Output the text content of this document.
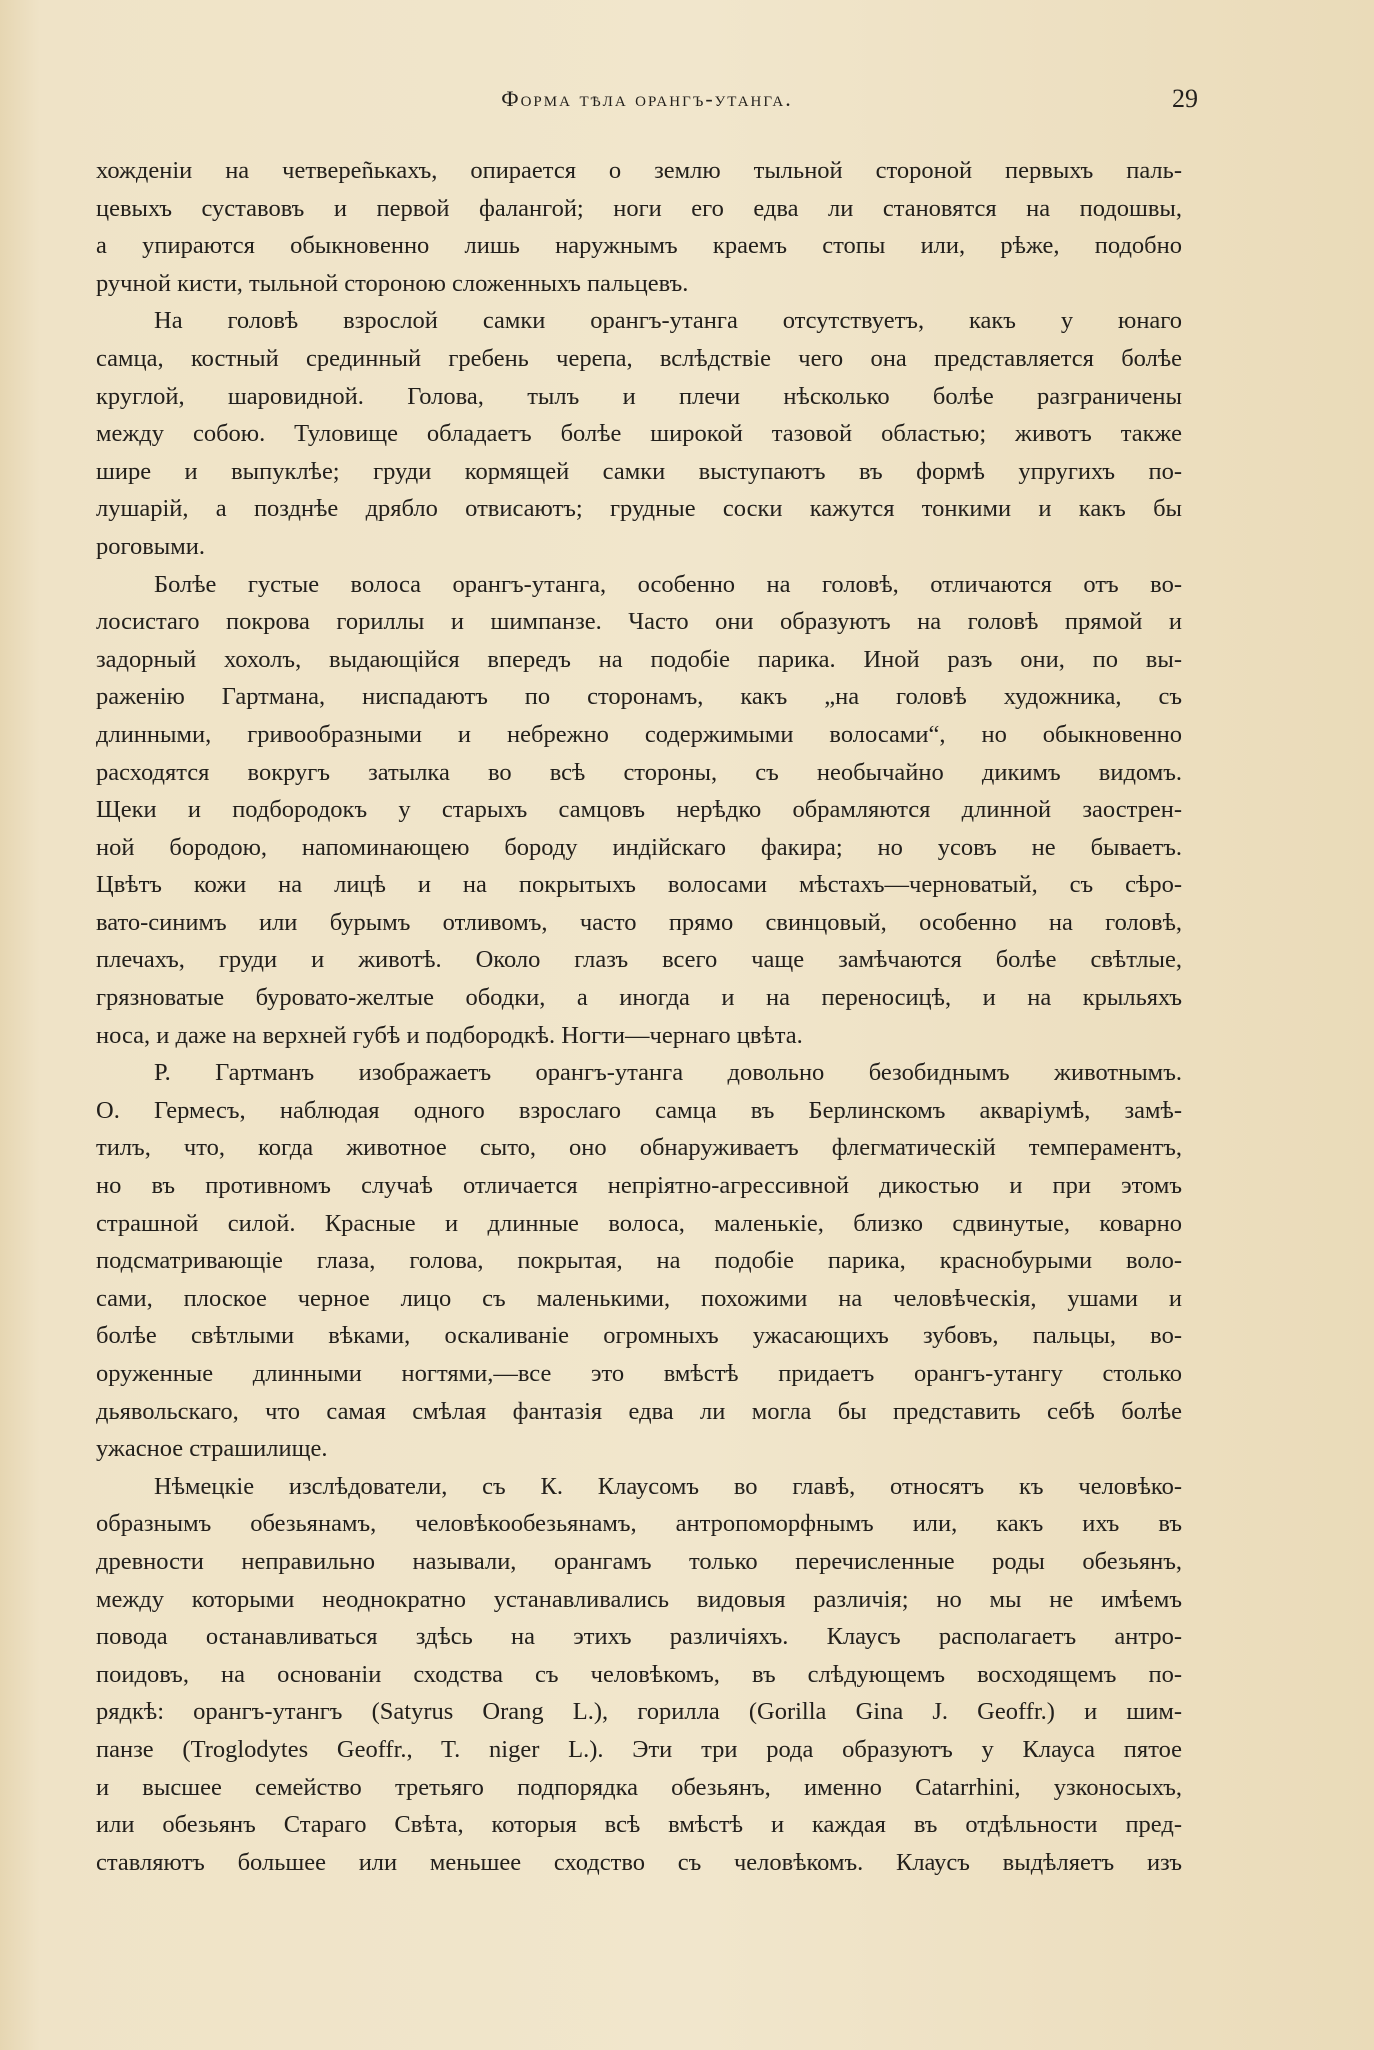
Форма тѣла орангъ-утанга.	29

хожденіи на четвереñькахъ, опирается о землю тыльной стороной первыхъ паль-
цевыхъ суставовъ и первой фалангой; ноги его едва ли становятся на подошвы,
а упираются обыкновенно лишь наружнымъ краемъ стопы или, рѣже, подобно
ручной кисти, тыльной стороною сложенныхъ пальцевъ.

На головѣ взрослой самки орангъ-утанга отсутствуетъ, какъ у юнаго
самца, костный срединный гребень черепа, вслѣдствіе чего она представляется болѣе
круглой, шаровидной. Голова, тылъ и плечи нѣсколько болѣе разграничены
между собою. Туловище обладаетъ болѣе широкой тазовой областью; животъ также
шире и выпуклѣе; груди кормящей самки выступаютъ въ формѣ упругихъ по-
лушарій, а позднѣе дрябло отвисаютъ; грудные соски кажутся тонкими и какъ бы
роговыми.

Болѣе густые волоса орангъ-утанга, особенно на головѣ, отличаются отъ во-
лосистаго покрова гориллы и шимпанзе. Часто они образуютъ на головѣ прямой и
задорный хохолъ, выдающійся впередъ на подобіе парика. Иной разъ они, по вы-
раженію Гартмана, ниспадаютъ по сторонамъ, какъ „на головѣ художника, съ
длинными, гривообразными и небрежно содержимыми волосами“, но обыкновенно
расходятся вокругъ затылка во всѣ стороны, съ необычайно дикимъ видомъ.
Щеки и подбородокъ у старыхъ самцовъ нерѣдко обрамляются длинной заострен-
ной бородою, напоминающею бороду индійскаго факира; но усовъ не бываетъ.
Цвѣтъ кожи на лицѣ и на покрытыхъ волосами мѣстахъ—черноватый, съ сѣро-
вато-синимъ или бурымъ отливомъ, часто прямо свинцовый, особенно на головѣ,
плечахъ, груди и животѣ. Около глазъ всего чаще замѣчаются болѣе свѣтлые,
грязноватые буровато-желтые ободки, а иногда и на переносицѣ, и на крыльяхъ
носа, и даже на верхней губѣ и подбородкѣ. Ногти—чернаго цвѣта.

Р. Гартманъ изображаетъ орангъ-утанга довольно безобиднымъ животнымъ.
О. Гермесъ, наблюдая одного взрослаго самца въ Берлинскомъ акваріумѣ, замѣ-
тилъ, что, когда животное сыто, оно обнаруживаетъ флегматическій темпераментъ,
но въ противномъ случаѣ отличается непріятно-агрессивной дикостью и при этомъ
страшной силой. Красные и длинные волоса, маленькіе, близко сдвинутые, коварно
подсматривающіе глаза, голова, покрытая, на подобіе парика, краснобурыми воло-
сами, плоское черное лицо съ маленькими, похожими на человѣческія, ушами и
болѣе свѣтлыми вѣками, оскаливаніе огромныхъ ужасающихъ зубовъ, пальцы, во-
оруженные длинными ногтями,—все это вмѣстѣ придаетъ орангъ-утангу столько
дьявольскаго, что самая смѣлая фантазія едва ли могла бы представить себѣ болѣе
ужасное страшилище.

Нѣмецкіе изслѣдователи, съ К. Клаусомъ во главѣ, относятъ къ человѣко-
образнымъ обезьянамъ, человѣкообезьянамъ, антропоморфнымъ или, какъ ихъ въ
древности неправильно называли, орангамъ только перечисленные роды обезьянъ,
между которыми неоднократно устанавливались видовыя различія; но мы не имѣемъ
повода останавливаться здѣсь на этихъ различіяхъ. Клаусъ располагаетъ антро-
поидовъ, на основаніи сходства съ человѣкомъ, въ слѣдующемъ восходящемъ по-
рядкѣ: орангъ-утангъ (Satyrus Orang L.), горилла (Gorilla Gina J. Geoffr.) и шим-
панзе (Troglodytes Geoffr., T. niger L.). Эти три рода образуютъ у Клауса пятое
и высшее семейство третьяго подпорядка обезьянъ, именно Catarrhini, узконосыхъ,
или обезьянъ Стараго Свѣта, которыя всѣ вмѣстѣ и каждая въ отдѣльности пред-
ставляютъ большее или меньшее сходство съ человѣкомъ. Клаусъ выдѣляетъ изъ
